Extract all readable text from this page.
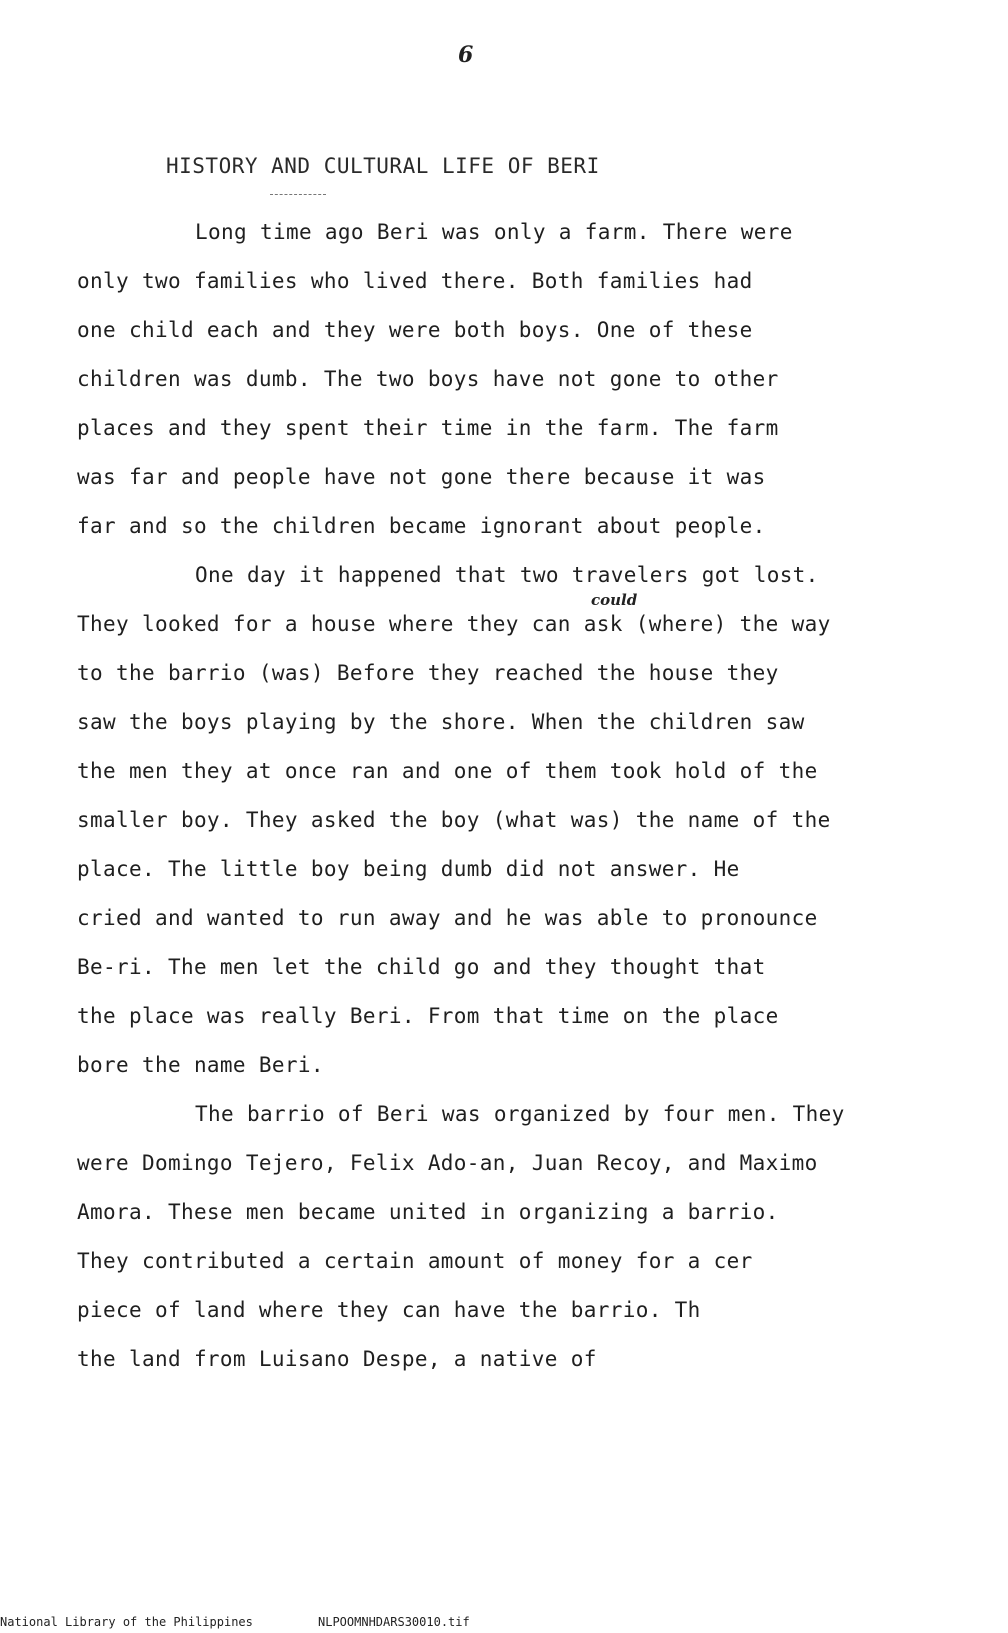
6
HISTORY AND CULTURAL LIFE OF BERI
Long time ago Beri was only a farm. There were
only two families who lived there. Both families had
one child each and they were both boys. One of these
children was dumb. The two boys have not gone to other
places and they spent their time in the farm. The farm
was far and people have not gone there because it was
far and so the children became ignorant about people.
One day it happened that two travelers got lost.
could
They looked for a house where they can ask (where) the way
to the barrio (was) Before they reached the house they
saw the boys playing by the shore. When the children saw
the men they at once ran and one of them took hold of the
smaller boy. They asked the boy (what was) the name of the
place. The little boy being dumb did not answer. He
cried and wanted to run away and he was able to pronounce
Be-ri. The men let the child go and they thought that
the place was really Beri. From that time on the place
bore the name Beri.
The barrio of Beri was organized by four men. They
were Domingo Tejero, Felix Ado-an, Juan Recoy, and Maximo
Amora. These men became united in organizing a barrio.
They contributed a certain amount of money for a cer
piece of land where they can have the barrio. Th
the land from Luisano Despe, a native of
National Library of the Philippines	NLPOOMNHDARS30010.tif
